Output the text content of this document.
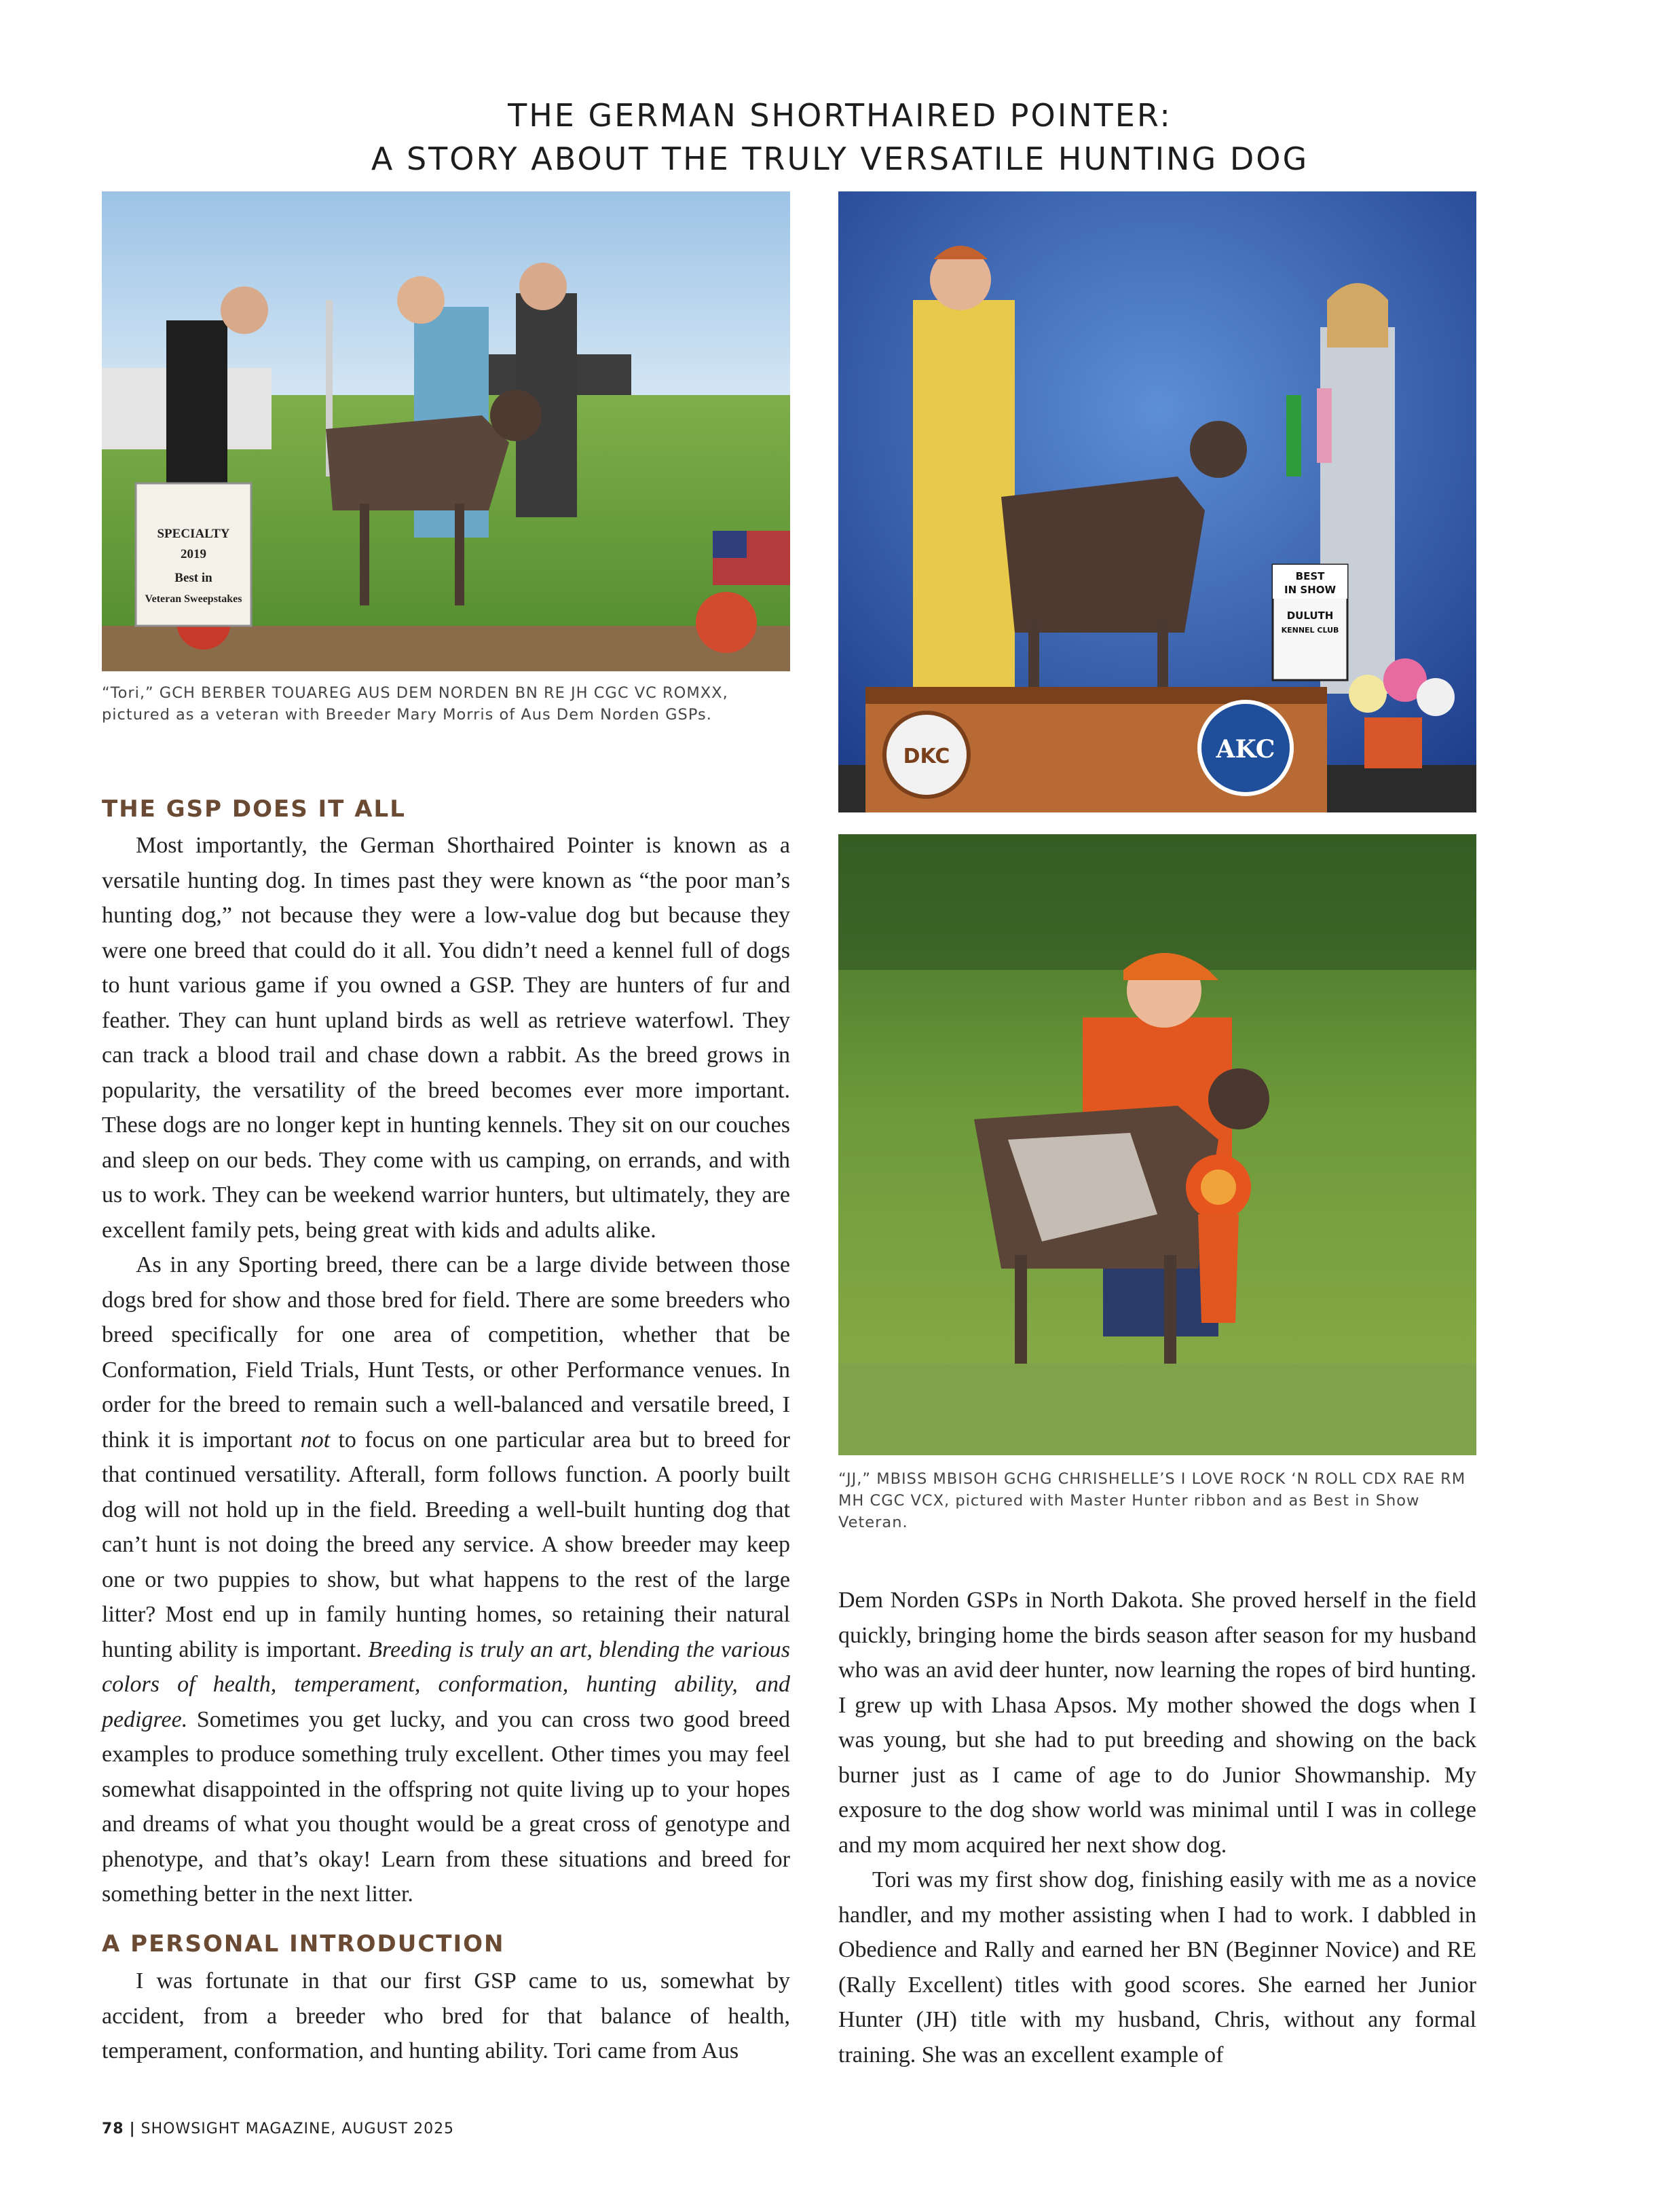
THE GERMAN SHORTHAIRED POINTER:
A STORY ABOUT THE TRULY VERSATILE HUNTING DOG
SPECIALTY
2019
Best in
Veteran Sweepstakes
“Tori,” GCH BERBER TOUAREG AUS DEM NORDEN BN RE JH CGC VC ROMXX, pictured as a veteran with Breeder Mary Morris of Aus Dem Norden GSPs.
BEST
IN SHOW
DULUTH
KENNEL CLUB
DKC	AKC
“JJ,” MBISS MBISOH GCHG CHRISHELLE’S I LOVE ROCK ‘N ROLL CDX RAE RM MH CGC VCX, pictured with Master Hunter ribbon and as Best in Show Veteran.
THE GSP DOES IT ALL

Most importantly, the German Shorthaired Pointer is known as a versatile hunting dog. In times past they were known as “the poor man’s hunting dog,” not because they were a low-value dog but because they were one breed that could do it all. You didn’t need a kennel full of dogs to hunt various game if you owned a GSP. They are hunters of fur and feather. They can hunt upland birds as well as retrieve waterfowl. They can track a blood trail and chase down a rabbit. As the breed grows in popularity, the versatility of the breed becomes ever more important. These dogs are no longer kept in hunting kennels. They sit on our couches and sleep on our beds. They come with us camping, on errands, and with us to work. They can be weekend warrior hunters, but ultimately, they are excellent family pets, being great with kids and adults alike.

As in any Sporting breed, there can be a large divide between those dogs bred for show and those bred for field. There are some breeders who breed specifically for one area of competition, whether that be Conformation, Field Trials, Hunt Tests, or other Performance venues. In order for the breed to remain such a well-balanced and versatile breed, I think it is important not to focus on one particular area but to breed for that continued versatility. Afterall, form follows function. A poorly built dog will not hold up in the field. Breeding a well-built hunting dog that can’t hunt is not doing the breed any service. A show breeder may keep one or two puppies to show, but what happens to the rest of the large litter? Most end up in family hunting homes, so retaining their natural hunting ability is important. Breeding is truly an art, blending the various colors of health, temperament, conformation, hunting ability, and pedigree. Sometimes you get lucky, and you can cross two good breed examples to produce something truly excellent. Other times you may feel somewhat disappointed in the offspring not quite living up to your hopes and dreams of what you thought would be a great cross of genotype and phenotype, and that’s okay! Learn from these situations and breed for something better in the next litter.

A PERSONAL INTRODUCTION

I was fortunate in that our first GSP came to us, somewhat by accident, from a breeder who bred for that balance of health, temperament, conformation, and hunting ability. Tori came from Aus

Dem Norden GSPs in North Dakota. She proved herself in the field quickly, bringing home the birds season after season for my husband who was an avid deer hunter, now learning the ropes of bird hunting. I grew up with Lhasa Apsos. My mother showed the dogs when I was young, but she had to put breeding and showing on the back burner just as I came of age to do Junior Showmanship. My exposure to the dog show world was minimal until I was in college and my mom acquired her next show dog.

Tori was my first show dog, finishing easily with me as a novice handler, and my mother assisting when I had to work. I dabbled in Obedience and Rally and earned her BN (Beginner Novice) and RE (Rally Excellent) titles with good scores. She earned her Junior Hunter (JH) title with my husband, Chris, without any formal training. She was an excellent example of

78 | SHOWSIGHT MAGAZINE, AUGUST 2025
